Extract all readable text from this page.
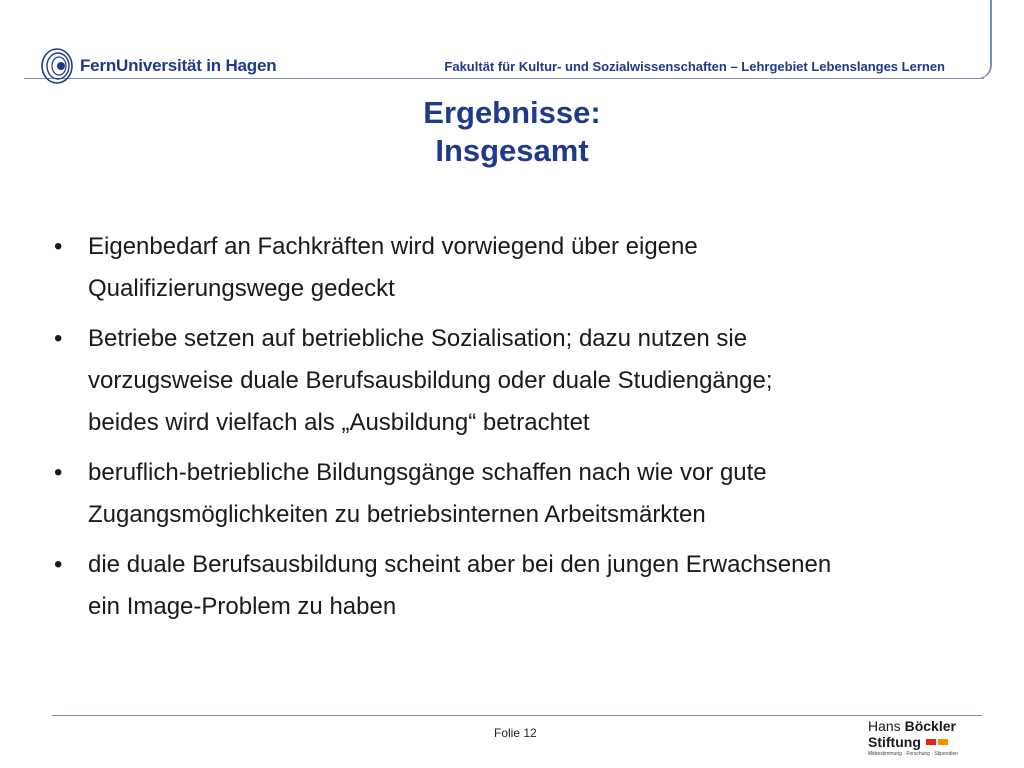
FernUniversität in Hagen	Fakultät für Kultur- und Sozialwissenschaften – Lehrgebiet Lebenslanges Lernen
Ergebnisse:
Insgesamt
•	Eigenbedarf an Fachkräften wird vorwiegend über eigene
Qualifizierungswege gedeckt
•	Betriebe setzen auf betriebliche Sozialisation; dazu nutzen sie
vorzugsweise duale Berufsausbildung oder duale Studiengänge;
beides wird vielfach als „Ausbildung“ betrachtet
•	beruflich-betriebliche Bildungsgänge schaffen nach wie vor gute
Zugangsmöglichkeiten zu betriebsinternen Arbeitsmärkten
•	die duale Berufsausbildung scheint aber bei den jungen Erwachsenen
ein Image-Problem zu haben
Folie 12	Hans Böckler
Stiftung
Mitbestimmung · Forschung · Stipendien
